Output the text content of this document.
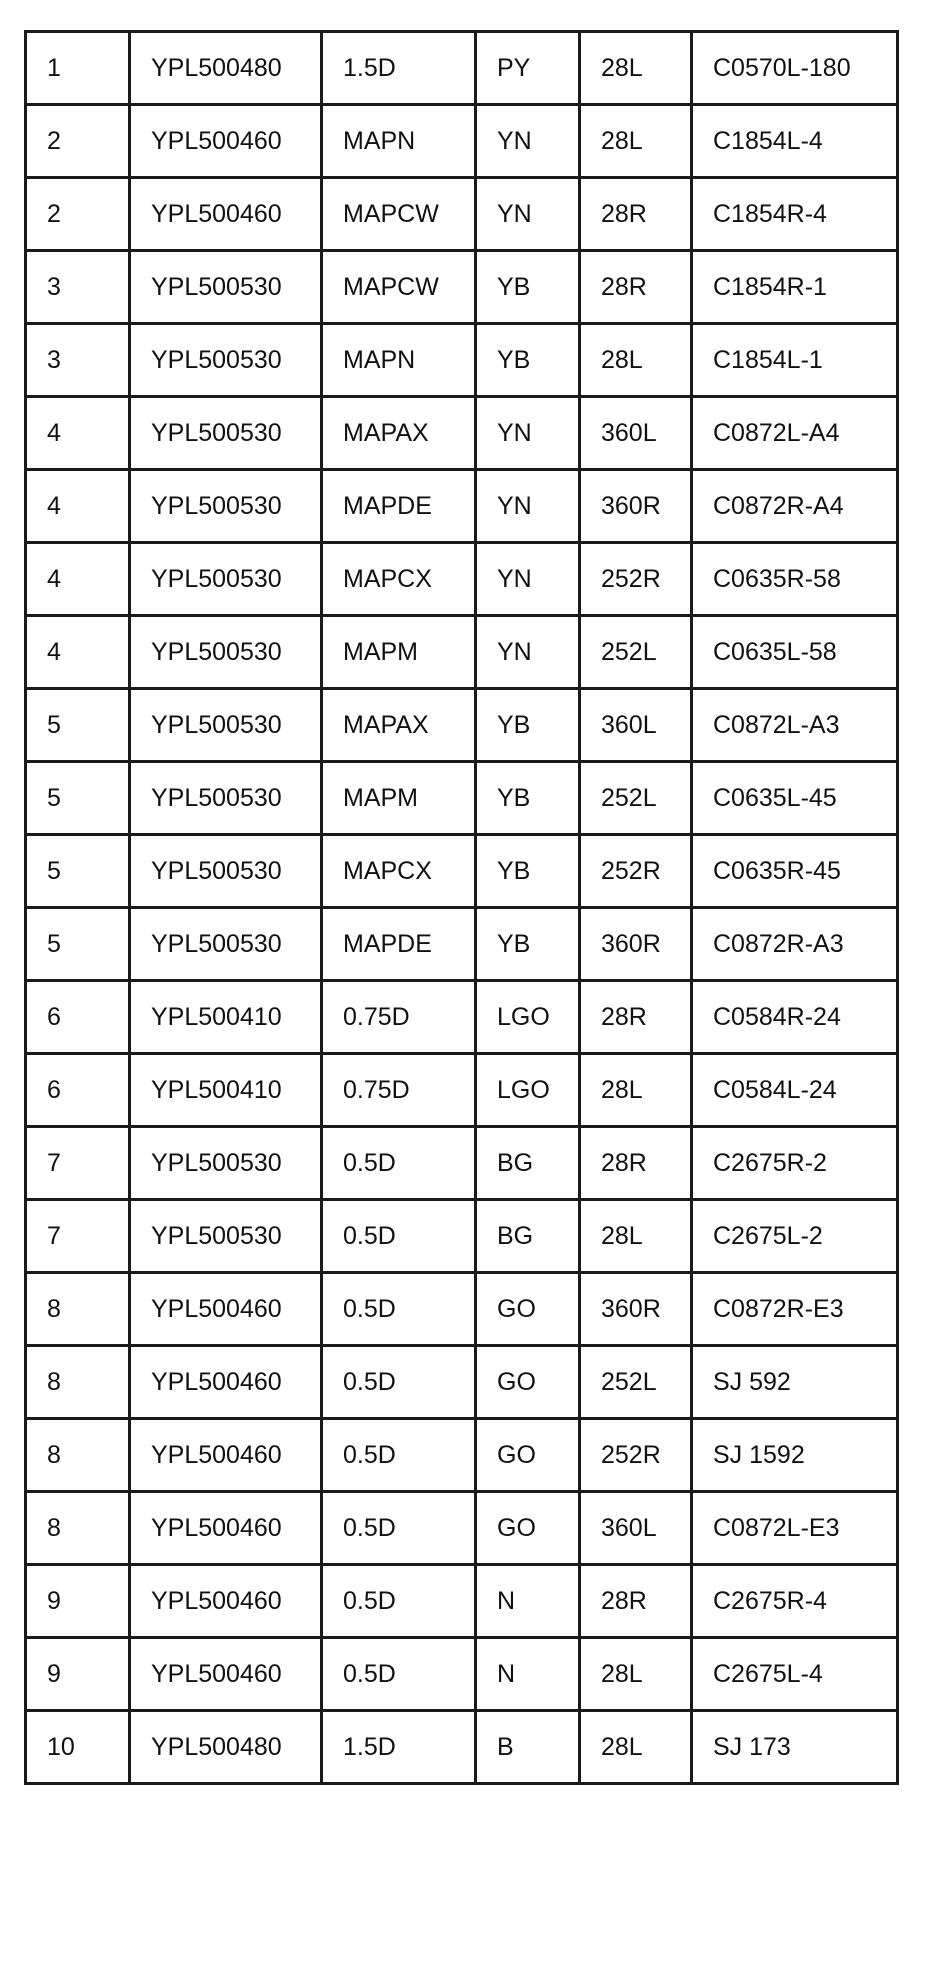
1	YPL500480	1.5D	PY	28L	C0570L-180
2	YPL500460	MAPN	YN	28L	C1854L-4
2	YPL500460	MAPCW	YN	28R	C1854R-4
3	YPL500530	MAPCW	YB	28R	C1854R-1
3	YPL500530	MAPN	YB	28L	C1854L-1
4	YPL500530	MAPAX	YN	360L	C0872L-A4
4	YPL500530	MAPDE	YN	360R	C0872R-A4
4	YPL500530	MAPCX	YN	252R	C0635R-58
4	YPL500530	MAPM	YN	252L	C0635L-58
5	YPL500530	MAPAX	YB	360L	C0872L-A3
5	YPL500530	MAPM	YB	252L	C0635L-45
5	YPL500530	MAPCX	YB	252R	C0635R-45
5	YPL500530	MAPDE	YB	360R	C0872R-A3
6	YPL500410	0.75D	LGO	28R	C0584R-24
6	YPL500410	0.75D	LGO	28L	C0584L-24
7	YPL500530	0.5D	BG	28R	C2675R-2
7	YPL500530	0.5D	BG	28L	C2675L-2
8	YPL500460	0.5D	GO	360R	C0872R-E3
8	YPL500460	0.5D	GO	252L	SJ 592
8	YPL500460	0.5D	GO	252R	SJ 1592
8	YPL500460	0.5D	GO	360L	C0872L-E3
9	YPL500460	0.5D	N	28R	C2675R-4
9	YPL500460	0.5D	N	28L	C2675L-4
10	YPL500480	1.5D	B	28L	SJ 173
